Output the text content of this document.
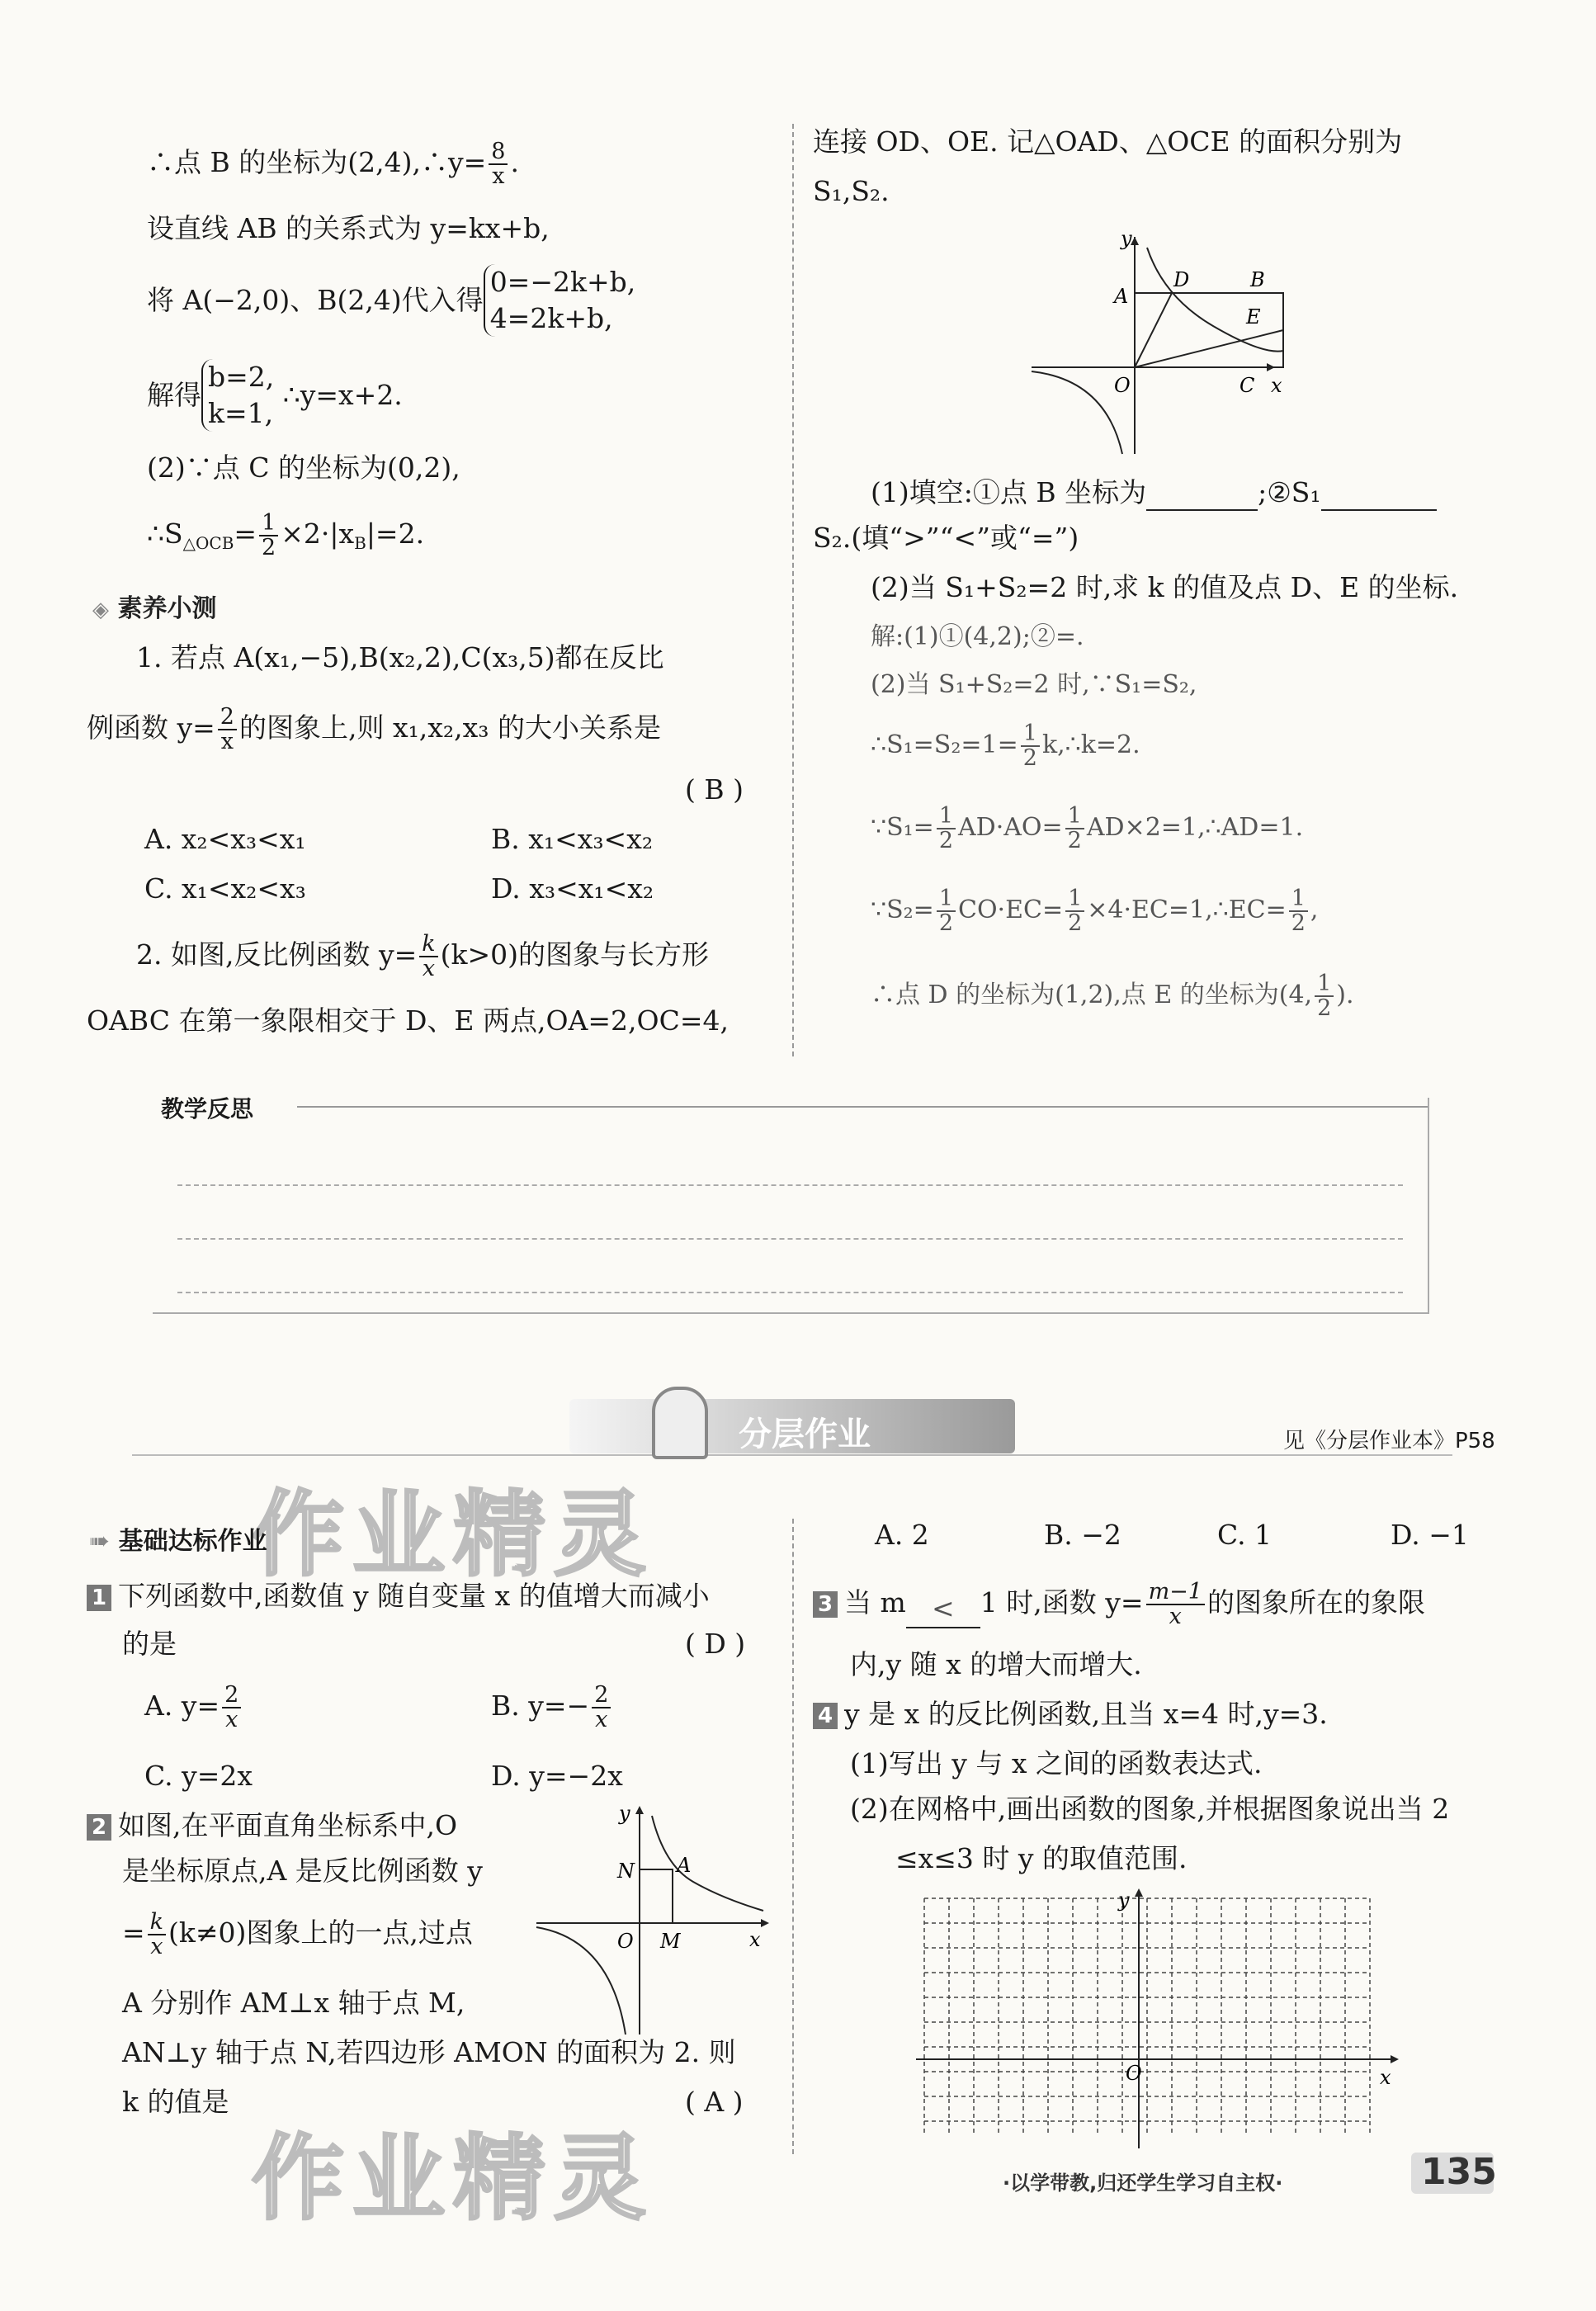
∴点 B 的坐标为(2,4),∴y= $\frac{8}{x}$ .
设直线 AB 的关系式为 y=kx+b,
将 A(−2,0)、B(2,4)代入得0=−2k+b,
4=2k+b,
解得b=2,
k=1, ∴y=x+2.
(2)∵点 C 的坐标为(0,2),
$\therefore S_{\triangle OCB}= \frac{1}{2} \times 2\cdot|x_B|=2$.
◈ 素养小测
1. 若点 A(x₁,−5),B(x₂,2),C(x₃,5)都在反比
例函数 $y= \frac{2}{x}$ 的图象上,则 x₁,x₂,x₃ 的大小关系是
( B )
A. x₂<x₃<x₁	B. x₁<x₃<x₂
C. x₁<x₂<x₃	D. x₃<x₁<x₂
2. 如图,反比例函数 $y= \frac{k}{x} (k>0)$的图象与长方形
OABC 在第一象限相交于 D、E 两点,OA=2,OC=4,
连接 OD、OE. 记△OAD、△OCE 的面积分别为
S₁,S₂.
y
x
O
A
D	B
E
C
(1)填空:①点 B 坐标为	;②S₁
S₂.(填“>”“<”或“=”)
(2)当 S₁+S₂=2 时,求 k 的值及点 D、E 的坐标.
解:(1)①(4,2);②=.
(2)当 S₁+S₂=2 时,∵S₁=S₂,
∴S₁=S₂=1= $\frac{1}{2}$ k,∴k=2.
∵S₁= $\frac{1}{2} AD\cdot AO= \frac{1}{2}$ AD×2=1,∴AD=1.
∵S₂= $\frac{1}{2} CO\cdot EC= \frac{1}{2}$ ×4·EC=1,∴EC= $\frac{1}{2}$ ,
∴点 D 的坐标为(1,2),点 E 的坐标为(4, $\frac{1}{2}$ ).
教学反思
分层作业	见《分层作业本》P58
作业精灵
作业精灵
➠ 基础达标作业
1 下列函数中,函数值 y 随自变量 x 的值增大而减小
的是	( D )
A. $y= \frac{2}{x}$	B. $y=- \frac{2}{x}$
C. y=2x	D. y=−2x
2 如图,在平面直角坐标系中,O
是坐标原点,A 是反比例函数 y
= $\frac{k}{x} (k\ne 0)$图象上的一点,过点
A 分别作 AM⊥x 轴于点 M,
AN⊥y 轴于点 N,若四边形 AMON 的面积为 2. 则
k 的值是	( A )
y
x
O
N A
M
A. 2	B. −2	C. 1	D. −1
3 当 m < 1 时,函数 $y= \frac{m-1}{x}$ 的图象所在的象限
内,y 随 x 的增大而增大.
4 y 是 x 的反比例函数,且当 x=4 时,y=3.
(1)写出 y 与 x 之间的函数表达式.
(2)在网格中,画出函数的图象,并根据图象说出当 2
≤x≤3 时 y 的取值范围.
y
x
O
·以学带教,归还学生学习自主权·	135
